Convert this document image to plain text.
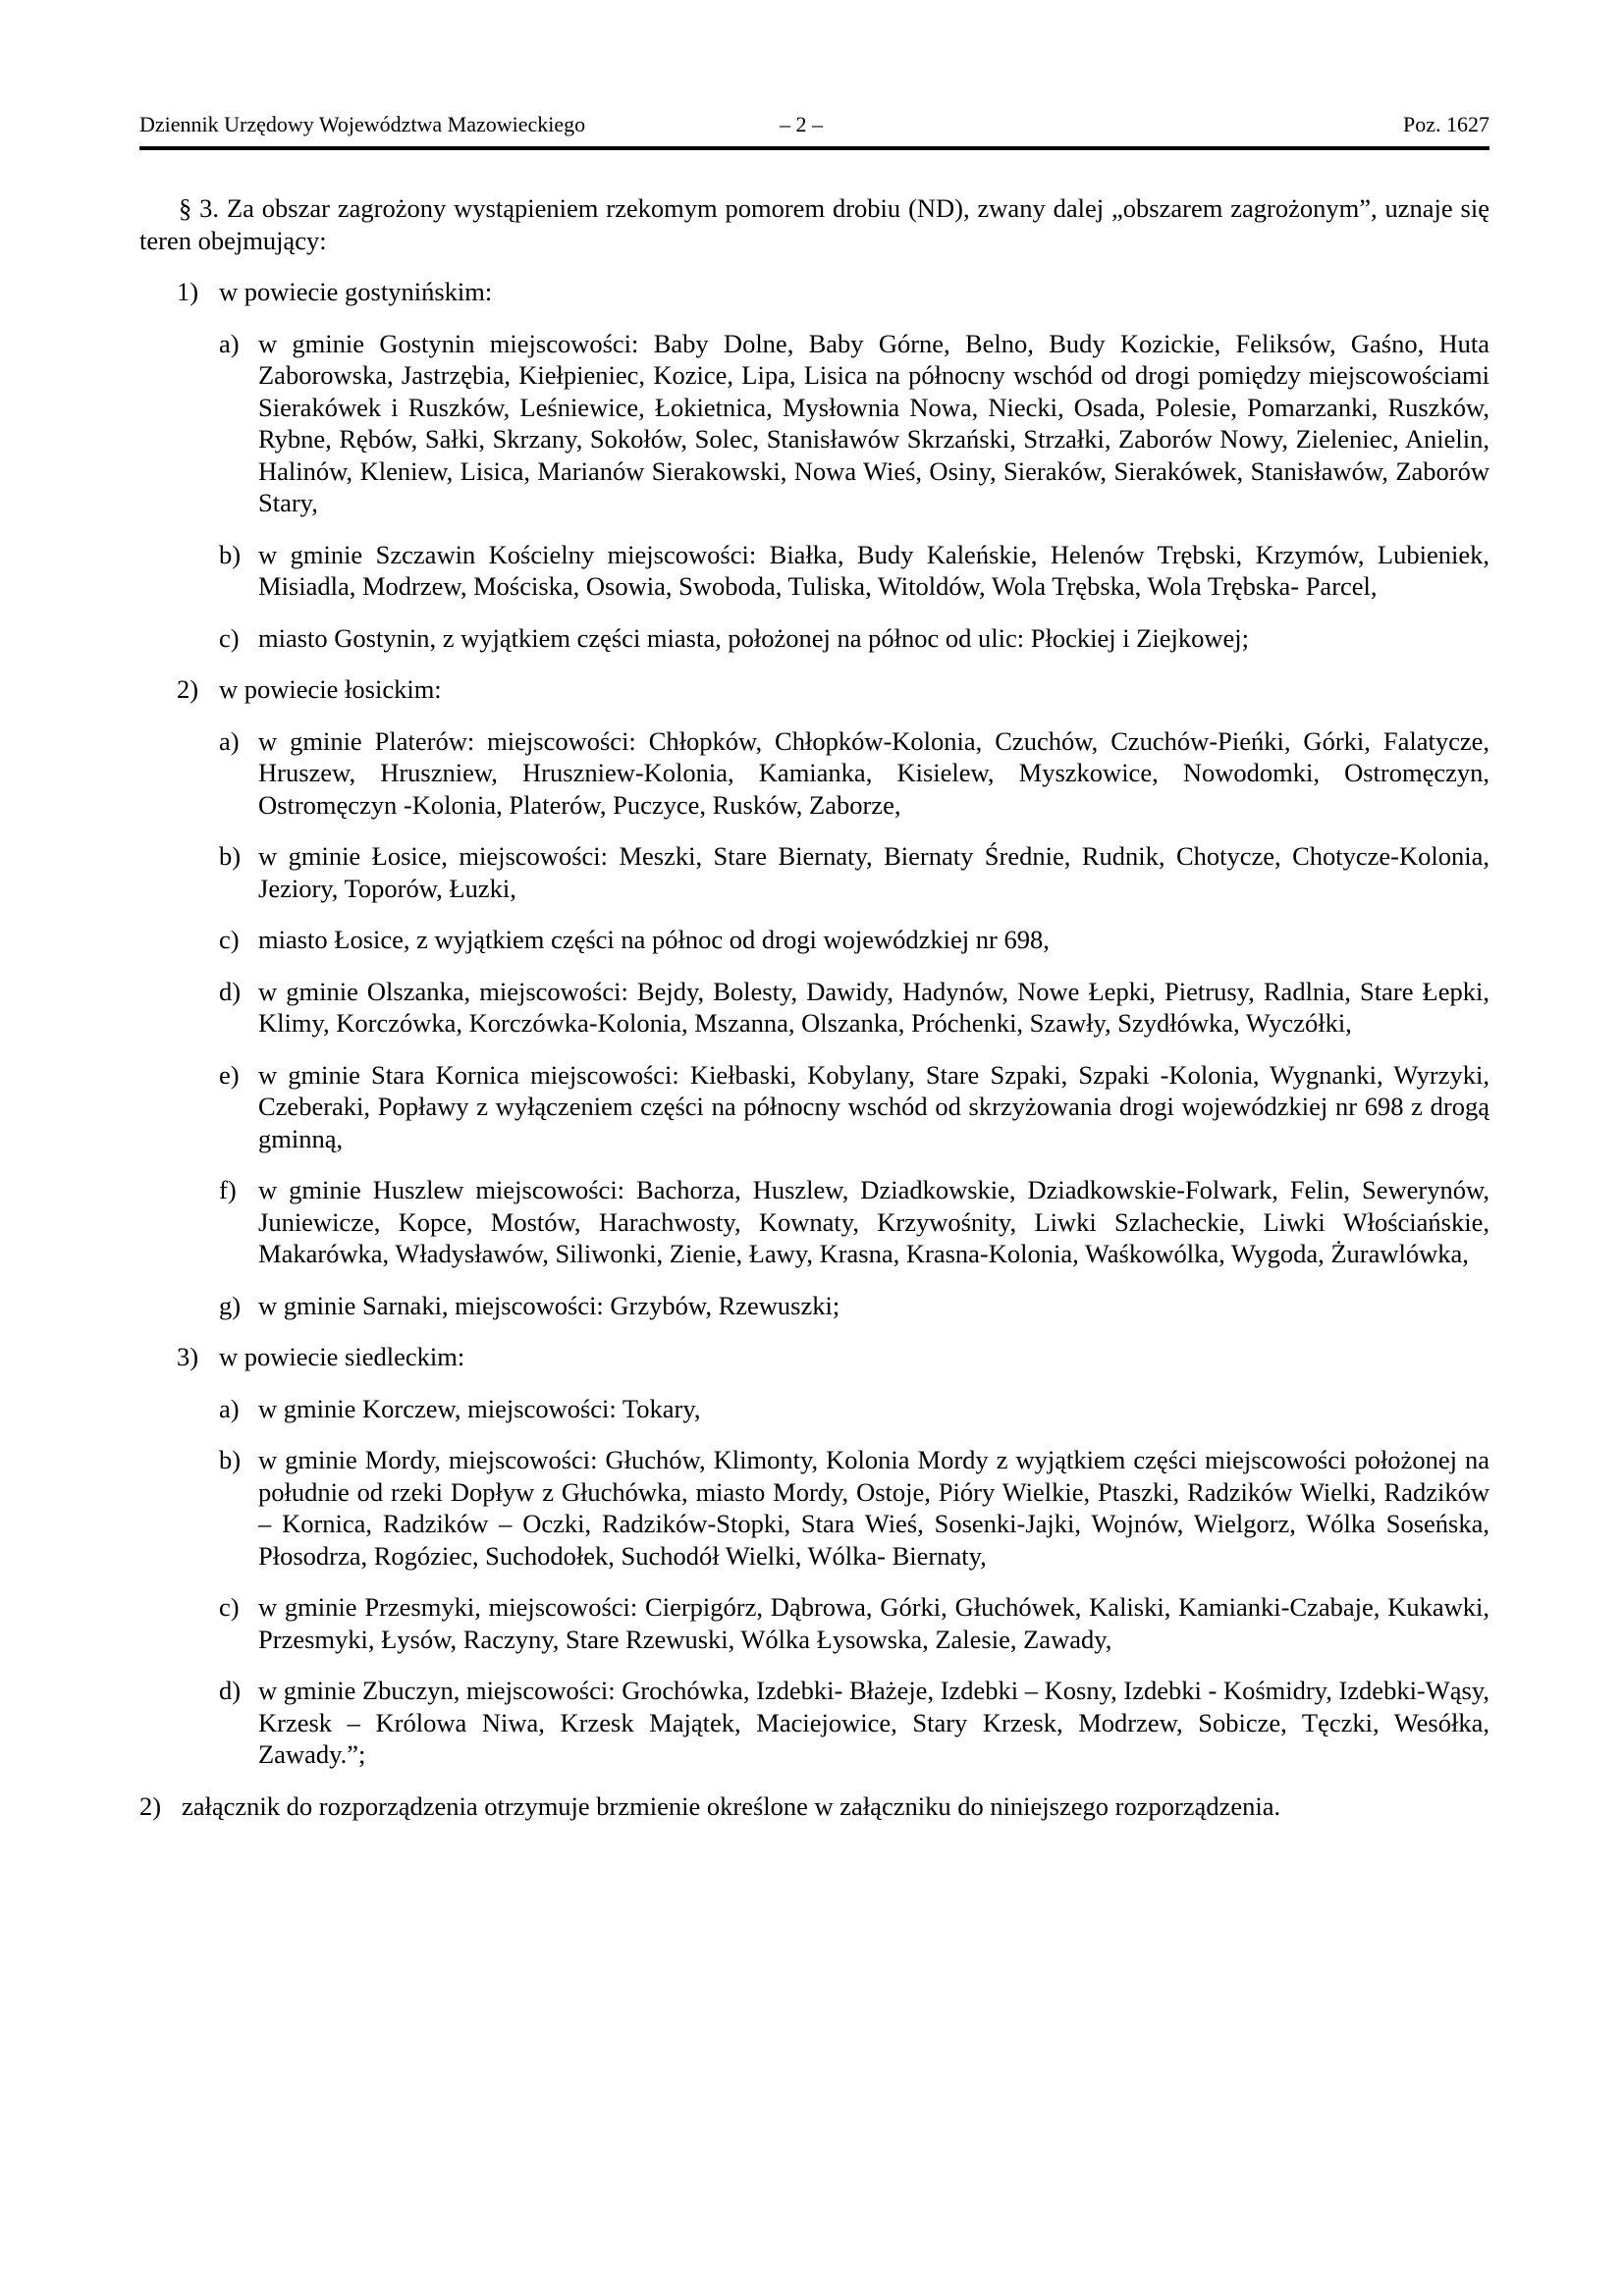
Dziennik Urzędowy Województwa Mazowieckiego	– 2 –	Poz. 1627

§ 3. Za obszar zagrożony wystąpieniem rzekomym pomorem drobiu (ND), zwany dalej „obszarem zagrożonym”, uznaje się teren obejmujący:

1) w powiecie gostynińskim:
a) w gminie Gostynin miejscowości: Baby Dolne, Baby Górne, Belno, Budy Kozickie, Feliksów, Gaśno, Huta Zaborowska, Jastrzębia, Kiełpieniec, Kozice, Lipa, Lisica na północny wschód od drogi pomiędzy miejscowościami Sierakówek i Ruszków, Leśniewice, Łokietnica, Mysłownia Nowa, Niecki, Osada, Polesie, Pomarzanki, Ruszków, Rybne, Rębów, Sałki, Skrzany, Sokołów, Solec, Stanisławów Skrzański, Strzałki, Zaborów Nowy, Zieleniec, Anielin, Halinów, Kleniew, Lisica, Marianów Sierakowski, Nowa Wieś, Osiny, Sieraków, Sierakówek, Stanisławów, Zaborów Stary,
b) w gminie Szczawin Kościelny miejscowości: Białka, Budy Kaleńskie, Helenów Trębski, Krzymów, Lubieniek, Misiadla, Modrzew, Mościska, Osowia, Swoboda, Tuliska, Witoldów, Wola Trębska, Wola Trębska- Parcel,
c) miasto Gostynin, z wyjątkiem części miasta, położonej na północ od ulic: Płockiej i Ziejkowej;
2) w powiecie łosickim:
a) w gminie Platerów: miejscowości: Chłopków, Chłopków-Kolonia, Czuchów, Czuchów-Pieńki, Górki, Falatycze, Hruszew, Hruszniew, Hruszniew-Kolonia, Kamianka, Kisielew, Myszkowice, Nowodomki, Ostromęczyn, Ostromęczyn -Kolonia, Platerów, Puczyce, Rusków, Zaborze,
b) w gminie Łosice, miejscowości: Meszki, Stare Biernaty, Biernaty Średnie, Rudnik, Chotycze, Chotycze-Kolonia, Jeziory, Toporów, Łuzki,
c) miasto Łosice, z wyjątkiem części na północ od drogi wojewódzkiej nr 698,
d) w gminie Olszanka, miejscowości: Bejdy, Bolesty, Dawidy, Hadynów, Nowe Łepki, Pietrusy, Radlnia, Stare Łepki, Klimy, Korczówka, Korczówka-Kolonia, Mszanna, Olszanka, Próchenki, Szawły, Szydłówka, Wyczółki,
e) w gminie Stara Kornica miejscowości: Kiełbaski, Kobylany, Stare Szpaki, Szpaki -Kolonia, Wygnanki, Wyrzyki, Czeberaki, Popławy z wyłączeniem części na północny wschód od skrzyżowania drogi wojewódzkiej nr 698 z drogą gminną,
f) w gminie Huszlew miejscowości: Bachorza, Huszlew, Dziadkowskie, Dziadkowskie-Folwark, Felin, Sewerynów, Juniewicze, Kopce, Mostów, Harachwosty, Kownaty, Krzywośnity, Liwki Szlacheckie, Liwki Włościańskie, Makarówka, Władysławów, Siliwonki, Zienie, Ławy, Krasna, Krasna-Kolonia, Waśkowólka, Wygoda, Żurawlówka,
g) w gminie Sarnaki, miejscowości: Grzybów, Rzewuszki;
3) w powiecie siedleckim:
a) w gminie Korczew, miejscowości: Tokary,
b) w gminie Mordy, miejscowości: Głuchów, Klimonty, Kolonia Mordy z wyjątkiem części miejscowości położonej na południe od rzeki Dopływ z Głuchówka, miasto Mordy, Ostoje, Pióry Wielkie, Ptaszki, Radzików Wielki, Radzików – Kornica, Radzików – Oczki, Radzików-Stopki, Stara Wieś, Sosenki-Jajki, Wojnów, Wielgorz, Wólka Soseńska, Płosodrza, Rogóziec, Suchodołek, Suchodół Wielki, Wólka- Biernaty,
c) w gminie Przesmyki, miejscowości: Cierpigórz, Dąbrowa, Górki, Głuchówek, Kaliski, Kamianki-Czabaje, Kukawki, Przesmyki, Łysów, Raczyny, Stare Rzewuski, Wólka Łysowska, Zalesie, Zawady,
d) w gminie Zbuczyn, miejscowości: Grochówka, Izdebki- Błażeje, Izdebki – Kosny, Izdebki - Kośmidry, Izdebki-Wąsy, Krzesk – Królowa Niwa, Krzesk Majątek, Maciejowice, Stary Krzesk, Modrzew, Sobicze, Tęczki, Wesółka, Zawady.”;
2) załącznik do rozporządzenia otrzymuje brzmienie określone w załączniku do niniejszego rozporządzenia.
